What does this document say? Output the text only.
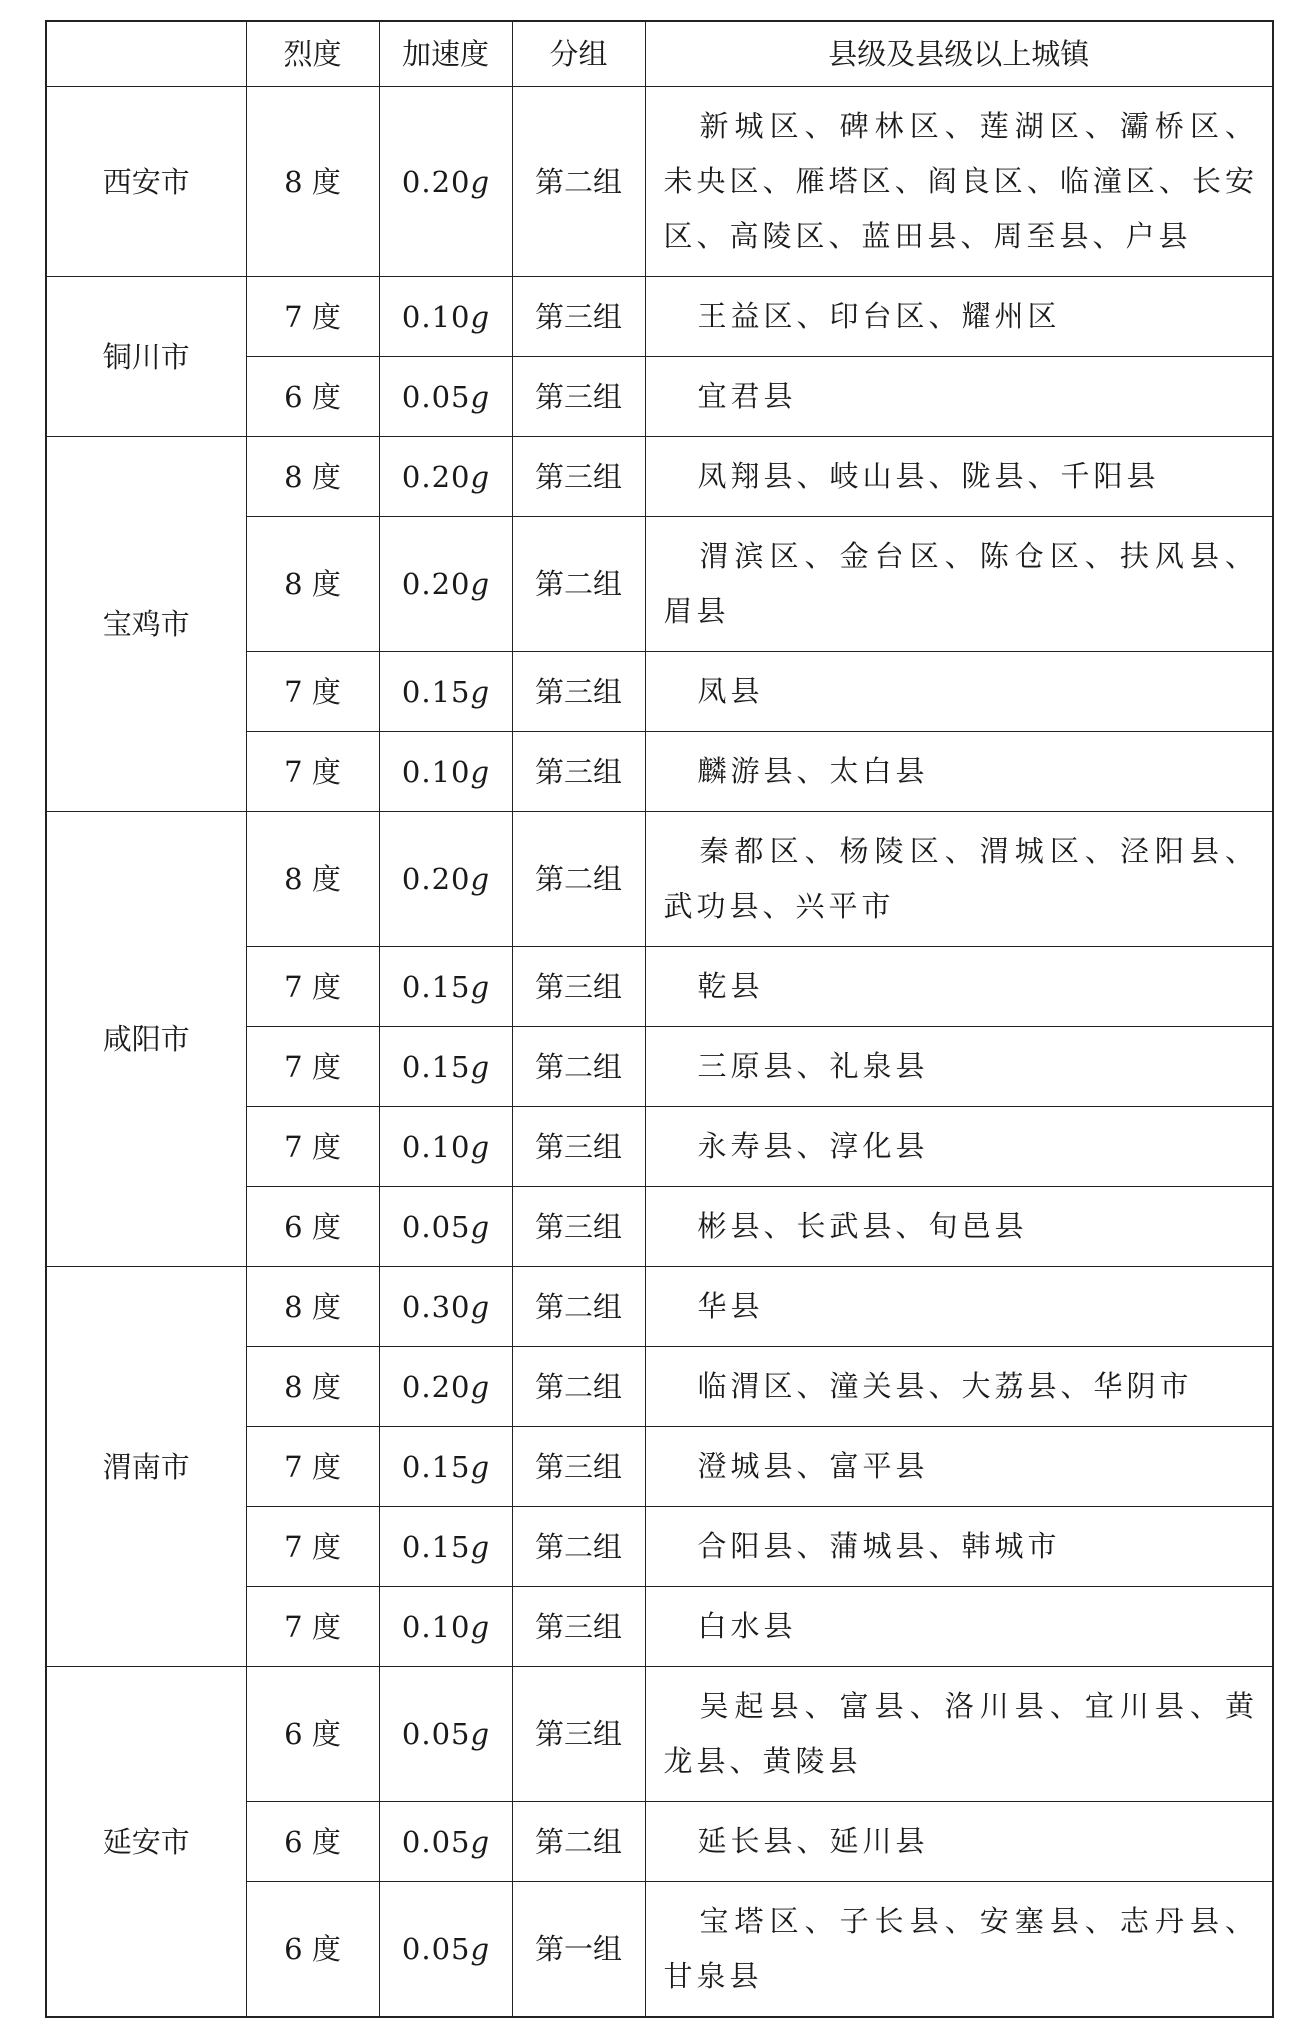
	烈度	加速度	分组	县级及县级以上城镇
西安市	8 度	0.20g	第二组	新城区、碑林区、莲湖区、灞桥区、未央区、雁塔区、阎良区、临潼区、长安区、高陵区、蓝田县、周至县、户县
铜川市	7 度	0.10g	第三组	王益区、印台区、耀州区
	6 度	0.05g	第三组	宜君县
宝鸡市	8 度	0.20g	第三组	凤翔县、岐山县、陇县、千阳县
	8 度	0.20g	第二组	渭滨区、金台区、陈仓区、扶风县、眉县
	7 度	0.15g	第三组	凤县
	7 度	0.10g	第三组	麟游县、太白县
咸阳市	8 度	0.20g	第二组	秦都区、杨陵区、渭城区、泾阳县、武功县、兴平市
	7 度	0.15g	第三组	乾县
	7 度	0.15g	第二组	三原县、礼泉县
	7 度	0.10g	第三组	永寿县、淳化县
	6 度	0.05g	第三组	彬县、长武县、旬邑县
渭南市	8 度	0.30g	第二组	华县
	8 度	0.20g	第二组	临渭区、潼关县、大荔县、华阴市
	7 度	0.15g	第三组	澄城县、富平县
	7 度	0.15g	第二组	合阳县、蒲城县、韩城市
	7 度	0.10g	第三组	白水县
延安市	6 度	0.05g	第三组	吴起县、富县、洛川县、宜川县、黄龙县、黄陵县
	6 度	0.05g	第二组	延长县、延川县
	6 度	0.05g	第一组	宝塔区、子长县、安塞县、志丹县、甘泉县
